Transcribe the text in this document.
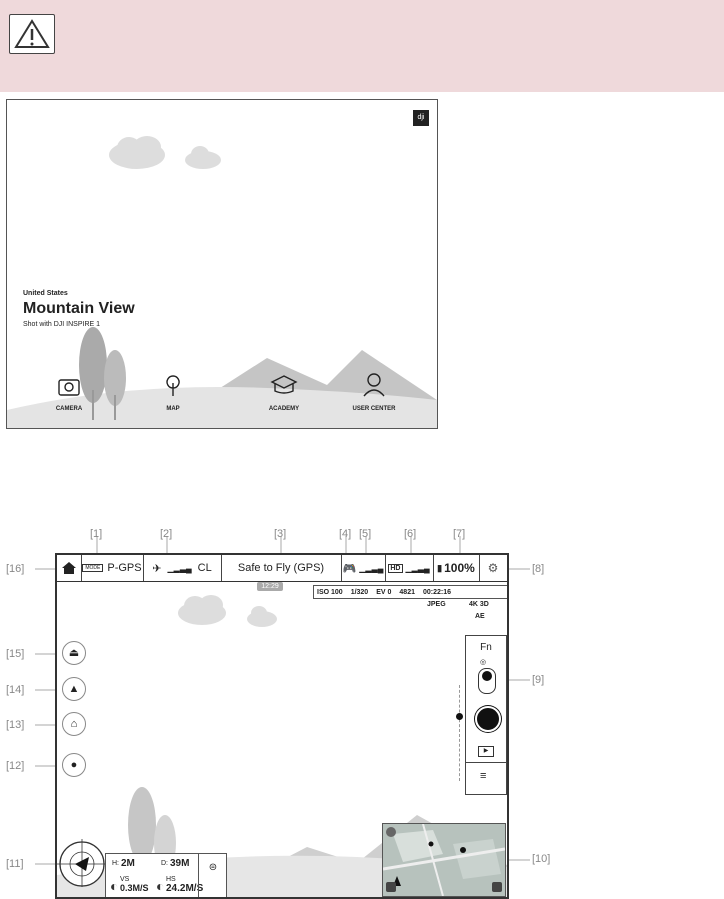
dji
United States
Mountain View
Shot with DJI INSPIRE 1
CAMERA	MAP	ACADEMY	USER CENTER
[1]	[2]	[3]	[4] [5]	[6]	[7]
[8]
[9]
[10]
[11]
[12]
[13]
[14]
[15]
[16]	MODE P-GPS ✈ ▁▂▃▄ CL	Safe to Fly (GPS)	🎮 ▁▂▃▄ HD ▁▂▃▄ ▮ 100% ⚙
12:29
ISO 100 1/320 EV 0 4821 00:22:16
JPEG	4K 3D
AE
⏏
▲
⌂
●
Fn
◎
▶
≡
H: 2M	D: 39M
◐ VS
0.3M/S ◐ HS
24.2M/S
⊜
